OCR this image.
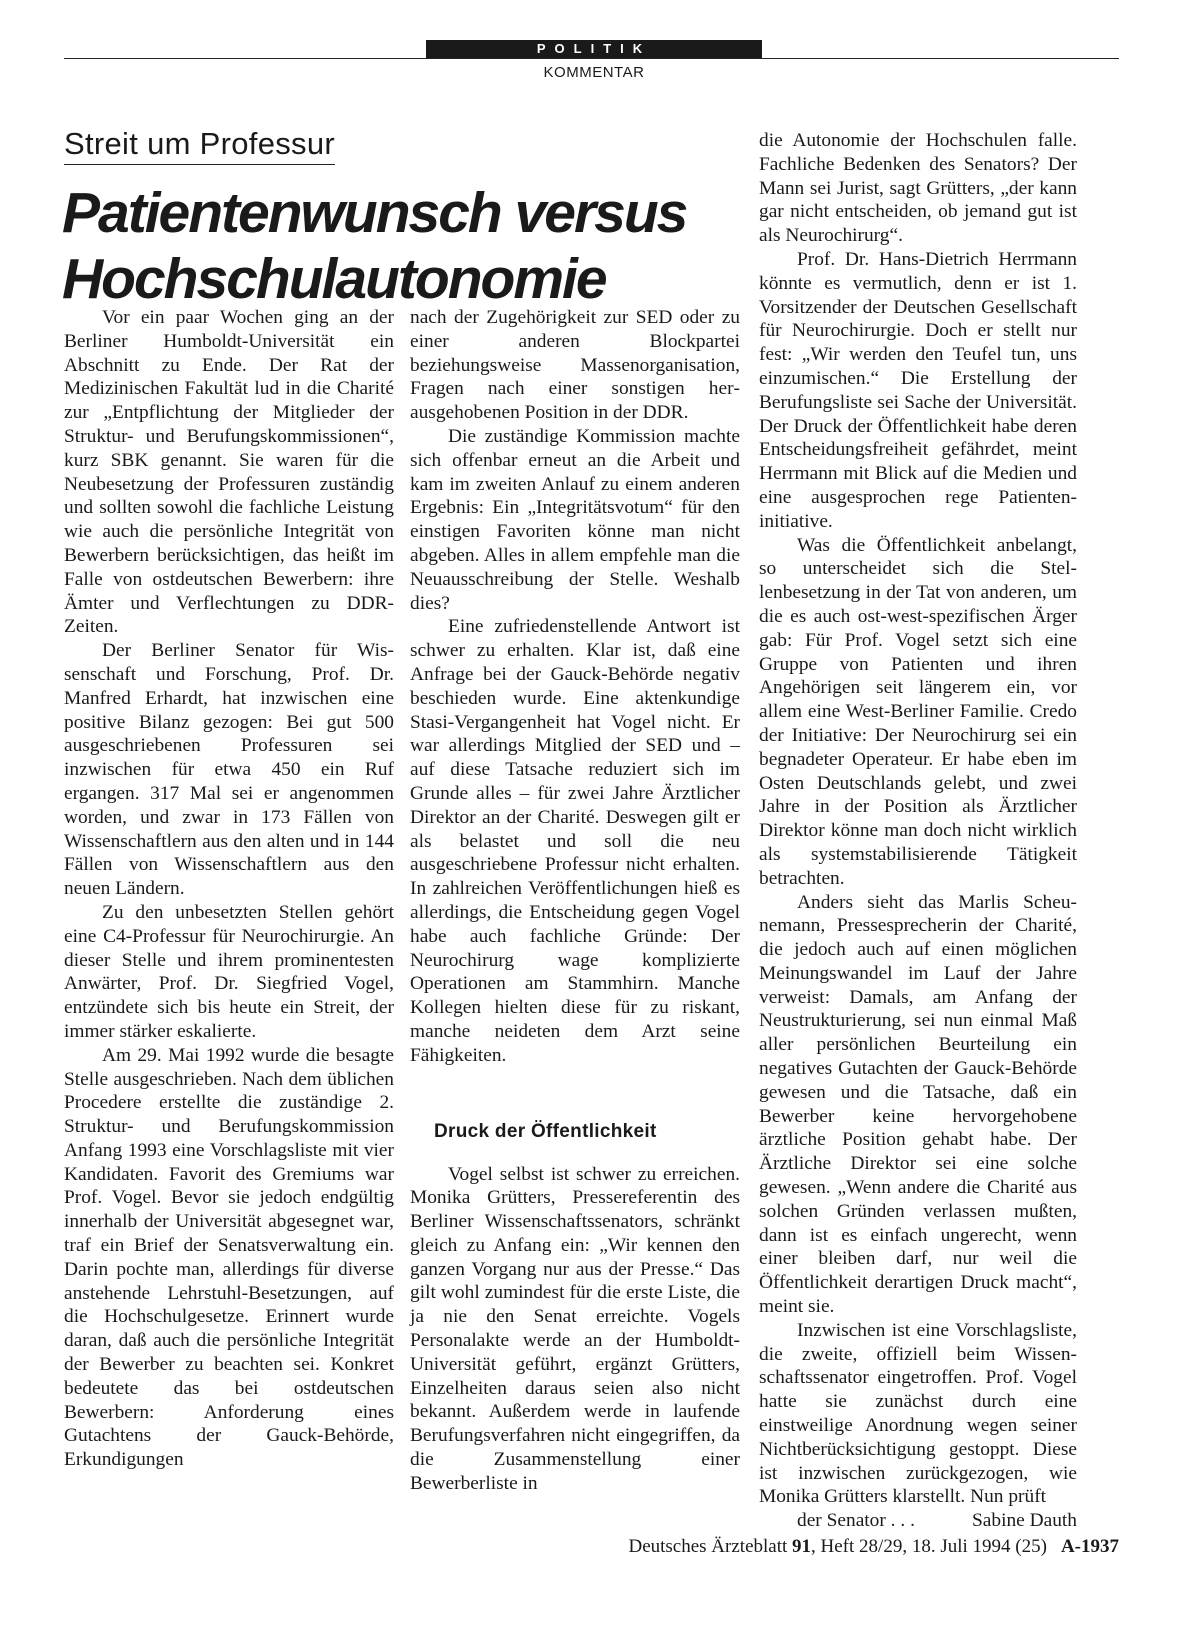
POLITIK
KOMMENTAR
Streit um Professur
Patientenwunsch versus
Hochschulautonomie

Vor ein paar Wochen ging an der Berliner Humboldt-Universität ein Abschnitt zu Ende. Der Rat der Medizinischen Fakultät lud in die Charité zur „Entpflichtung der Mitglieder der Struktur- und Berufungskommissionen“, kurz SBK genannt. Sie waren für die Neubesetzung der Professuren zuständig und sollten sowohl die fachliche Leistung wie auch die persönliche Integrität von Bewerbern berücksichtigen, das heißt im Falle von ostdeutschen Bewerbern: ihre Ämter und Verflechtungen zu DDR-Zeiten.

Der Berliner Senator für Wissenschaft und Forschung, Prof. Dr. Manfred Erhardt, hat inzwischen eine positive Bilanz gezogen: Bei gut 500 ausgeschriebenen Professuren sei inzwischen für etwa 450 ein Ruf ergangen. 317 Mal sei er angenommen worden, und zwar in 173 Fällen von Wissenschaftlern aus den alten und in 144 Fällen von Wissenschaftlern aus den neuen Ländern.

Zu den unbesetzten Stellen gehört eine C4-Professur für Neurochirurgie. An dieser Stelle und ihrem prominentesten Anwärter, Prof. Dr. Siegfried Vogel, entzündete sich bis heute ein Streit, der immer stärker eskalierte.

Am 29. Mai 1992 wurde die besagte Stelle ausgeschrieben. Nach dem üblichen Procedere erstellte die zuständige 2. Struktur- und Berufungskommission Anfang 1993 eine Vorschlagsliste mit vier Kandidaten. Favorit des Gremiums war Prof. Vogel. Bevor sie jedoch endgültig innerhalb der Universität abgesegnet war, traf ein Brief der Senatsverwaltung ein. Darin pochte man, allerdings für diverse anstehende Lehrstuhl-Besetzungen, auf die Hochschulgesetze. Erinnert wurde daran, daß auch die persönliche Integrität der Bewerber zu beachten sei. Konkret bedeutete das bei ostdeutschen Bewerbern: Anforderung eines Gutachtens der Gauck-Behörde, Erkundigungen

nach der Zugehörigkeit zur SED oder zu einer anderen Blockpartei beziehungsweise Massenorganisation, Fragen nach einer sonstigen herausgehobenen Position in der DDR.

Die zuständige Kommission machte sich offenbar erneut an die Arbeit und kam im zweiten Anlauf zu einem anderen Ergebnis: Ein „Integritätsvotum“ für den einstigen Favoriten könne man nicht abgeben. Alles in allem empfehle man die Neuausschreibung der Stelle. Weshalb dies?

Eine zufriedenstellende Antwort ist schwer zu erhalten. Klar ist, daß eine Anfrage bei der Gauck-Behörde negativ beschieden wurde. Eine aktenkundige Stasi-Vergangenheit hat Vogel nicht. Er war allerdings Mitglied der SED und – auf diese Tatsache reduziert sich im Grunde alles – für zwei Jahre Ärztlicher Direktor an der Charité. Deswegen gilt er als belastet und soll die neu ausgeschriebene Professur nicht erhalten. In zahlreichen Veröffentlichungen hieß es allerdings, die Entscheidung gegen Vogel habe auch fachliche Gründe: Der Neurochirurg wage komplizierte Operationen am Stammhirn. Manche Kollegen hielten diese für zu riskant, manche neideten dem Arzt seine Fähigkeiten.

Druck der Öffentlichkeit

Vogel selbst ist schwer zu erreichen. Monika Grütters, Pressereferentin des Berliner Wissenschaftssenators, schränkt gleich zu Anfang ein: „Wir kennen den ganzen Vorgang nur aus der Presse.“ Das gilt wohl zumindest für die erste Liste, die ja nie den Senat erreichte. Vogels Personalakte werde an der Humboldt-Universität geführt, ergänzt Grütters, Einzelheiten daraus seien also nicht bekannt. Außerdem werde in laufende Berufungsverfahren nicht eingegriffen, da die Zusammenstellung einer Bewerberliste in

die Autonomie der Hochschulen falle. Fachliche Bedenken des Senators? Der Mann sei Jurist, sagt Grütters, „der kann gar nicht entscheiden, ob jemand gut ist als Neurochirurg“.

Prof. Dr. Hans-Dietrich Herrmann könnte es vermutlich, denn er ist 1. Vorsitzender der Deutschen Gesellschaft für Neurochirurgie. Doch er stellt nur fest: „Wir werden den Teufel tun, uns einzumischen.“ Die Erstellung der Berufungsliste sei Sache der Universität. Der Druck der Öffentlichkeit habe deren Entscheidungsfreiheit gefährdet, meint Herrmann mit Blick auf die Medien und eine ausgesprochen rege Patienteninitiative.

Was die Öffentlichkeit anbelangt, so unterscheidet sich die Stellenbesetzung in der Tat von anderen, um die es auch ost-west-spezifischen Ärger gab: Für Prof. Vogel setzt sich eine Gruppe von Patienten und ihren Angehörigen seit längerem ein, vor allem eine West-Berliner Familie. Credo der Initiative: Der Neurochirurg sei ein begnadeter Operateur. Er habe eben im Osten Deutschlands gelebt, und zwei Jahre in der Position als Ärztlicher Direktor könne man doch nicht wirklich als systemstabilisierende Tätigkeit betrachten.

Anders sieht das Marlis Scheunemann, Pressesprecherin der Charité, die jedoch auch auf einen möglichen Meinungswandel im Lauf der Jahre verweist: Damals, am Anfang der Neustrukturierung, sei nun einmal Maß aller persönlichen Beurteilung ein negatives Gutachten der Gauck-Behörde gewesen und die Tatsache, daß ein Bewerber keine hervorgehobene ärztliche Position gehabt habe. Der Ärztliche Direktor sei eine solche gewesen. „Wenn andere die Charité aus solchen Gründen verlassen mußten, dann ist es einfach ungerecht, wenn einer bleiben darf, nur weil die Öffentlichkeit derartigen Druck macht“, meint sie.

Inzwischen ist eine Vorschlagsliste, die zweite, offiziell beim Wissenschaftssenator eingetroffen. Prof. Vogel hatte sie zunächst durch eine einstweilige Anordnung wegen seiner Nichtberücksichtigung gestoppt. Diese ist inzwischen zurückgezogen, wie Monika Grütters klarstellt. Nun prüft

der Senator . . .	Sabine Dauth

Deutsches Ärzteblatt 91, Heft 28/29, 18. Juli 1994 (25) A-1937
